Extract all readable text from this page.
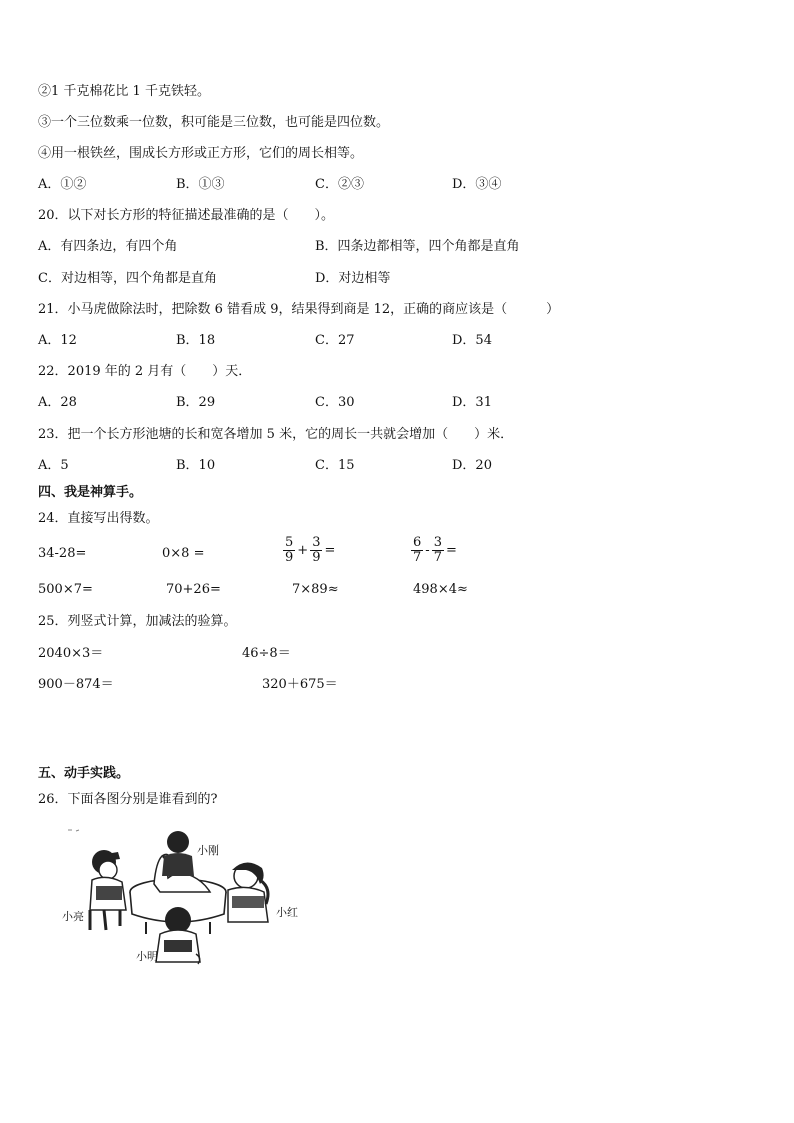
②1 千克棉花比 1 千克铁轻。
③一个三位数乘一位数，积可能是三位数，也可能是四位数。
④用一根铁丝，围成长方形或正方形，它们的周长相等。
A．①②	B．①③	C．②③	D．③④
20．以下对长方形的特征描述最准确的是（　　）。
A．有四条边，有四个角	B．四条边都相等，四个角都是直角
C．对边相等，四个角都是直角	D．对边相等
21．小马虎做除法时，把除数 6 错看成 9，结果得到商是 12，正确的商应该是（　　　）
A．12	B．18	C．27	D．54
22．2019 年的 2 月有（　　）天．
A．28	B．29	C．30	D．31
23．把一个长方形池塘的长和宽各增加 5 米，它的周长一共就会增加（　　）米．
A．5	B．10	C．15	D．20
四、我是神算手。
24．直接写出得数。
34-28=	0×8 =	$\frac{5}{9} + \frac{3}{9}$ =	$\frac{6}{7} - \frac{3}{7}$ =
500×7=	70+26=	7×89≈	498×4≈
25．列竖式计算，加减法的验算。
2040×3＝	46÷8＝
900－874＝	320＋675＝
五、动手实践。
26．下面各图分别是谁看到的?
小刚
小亮	小红
小明
